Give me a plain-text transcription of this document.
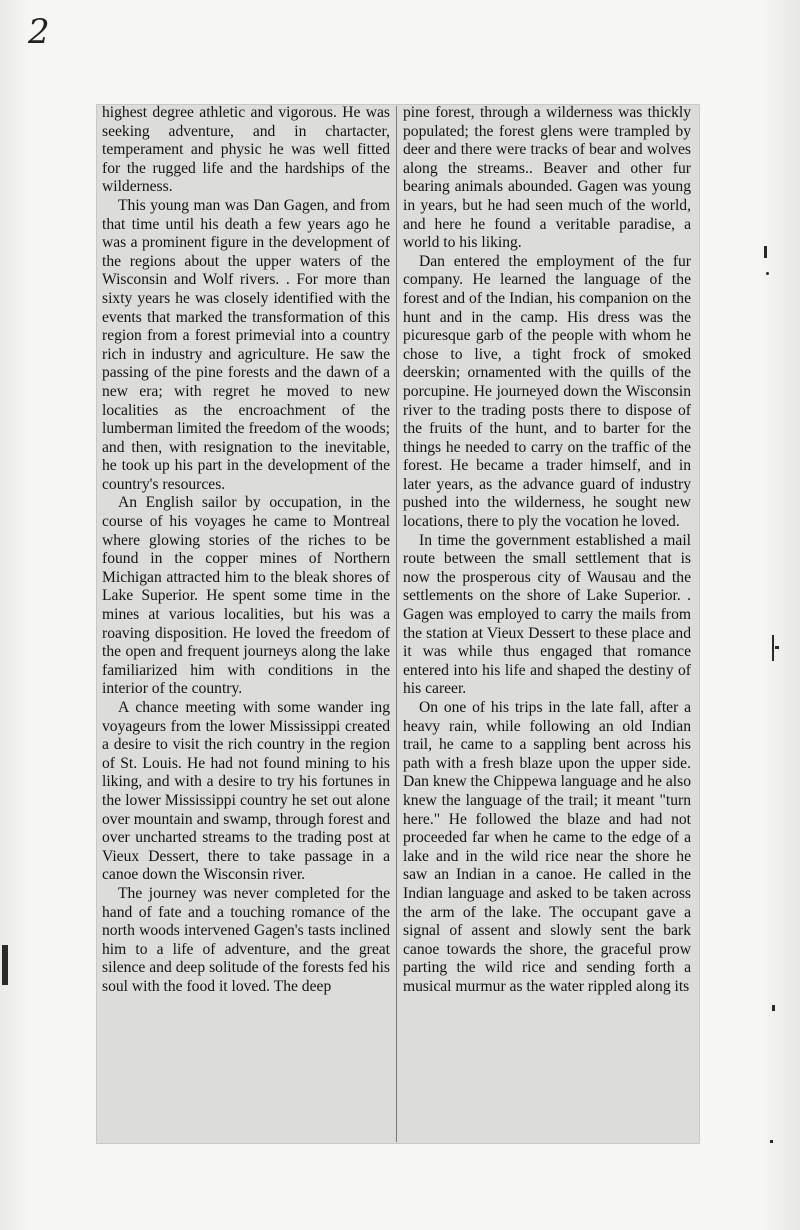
2

highest degree athletic and vigorous. He was seeking adventure, and in chartacter, temperament and physic he was well fitted for the rugged life and the hardships of the wilderness.

This young man was Dan Gagen, and from that time until his death a few years ago he was a prominent figure in the development of the regions about the upper waters of the Wisconsin and Wolf rivers. . For more than sixty years he was closely identified with the events that marked the transformation of this region from a forest primevial into a country rich in industry and agriculture. He saw the passing of the pine forests and the dawn of a new era; with regret he moved to new localities as the encroachment of the lumberman limited the freedom of the woods; and then, with resignation to the inevitable, he took up his part in the development of the country's resources.

An English sailor by occupation, in the course of his voyages he came to Montreal where glowing stories of the riches to be found in the copper mines of Northern Michigan attracted him to the bleak shores of Lake Superior. He spent some time in the mines at various localities, but his was a roaving disposition. He loved the freedom of the open and frequent journeys along the lake familiarized him with conditions in the interior of the country.

A chance meeting with some wander ing voyageurs from the lower Mississippi created a desire to visit the rich country in the region of St. Louis. He had not found mining to his liking, and with a desire to try his fortunes in the lower Mississippi country he set out alone over mountain and swamp, through forest and over uncharted streams to the trading post at Vieux Dessert, there to take passage in a canoe down the Wisconsin river.

The journey was never completed for the hand of fate and a touching romance of the north woods intervened Gagen's tasts inclined him to a life of adventure, and the great silence and deep solitude of the forests fed his soul with the food it loved. The deep

pine forest, through a wilderness was thickly populated; the forest glens were trampled by deer and there were tracks of bear and wolves along the streams.. Beaver and other fur bearing animals abounded. Gagen was young in years, but he had seen much of the world, and here he found a veritable paradise, a world to his liking.

Dan entered the employment of the fur company. He learned the language of the forest and of the Indian, his companion on the hunt and in the camp. His dress was the picuresque garb of the people with whom he chose to live, a tight frock of smoked deerskin; ornamented with the quills of the porcupine. He journeyed down the Wisconsin river to the trading posts there to dispose of the fruits of the hunt, and to barter for the things he needed to carry on the traffic of the forest. He became a trader himself, and in later years, as the advance guard of industry pushed into the wilderness, he sought new locations, there to ply the vocation he loved.

In time the government established a mail route between the small settlement that is now the prosperous city of Wausau and the settlements on the shore of Lake Superior. . Gagen was employed to carry the mails from the station at Vieux Dessert to these place and it was while thus engaged that romance entered into his life and shaped the destiny of his career.

On one of his trips in the late fall, after a heavy rain, while following an old Indian trail, he came to a sappling bent across his path with a fresh blaze upon the upper side. Dan knew the Chippewa language and he also knew the language of the trail; it meant "turn here." He followed the blaze and had not proceeded far when he came to the edge of a lake and in the wild rice near the shore he saw an Indian in a canoe. He called in the Indian language and asked to be taken across the arm of the lake. The occupant gave a signal of assent and slowly sent the bark canoe towards the shore, the graceful prow parting the wild rice and sending forth a musical murmur as the water rippled along its
